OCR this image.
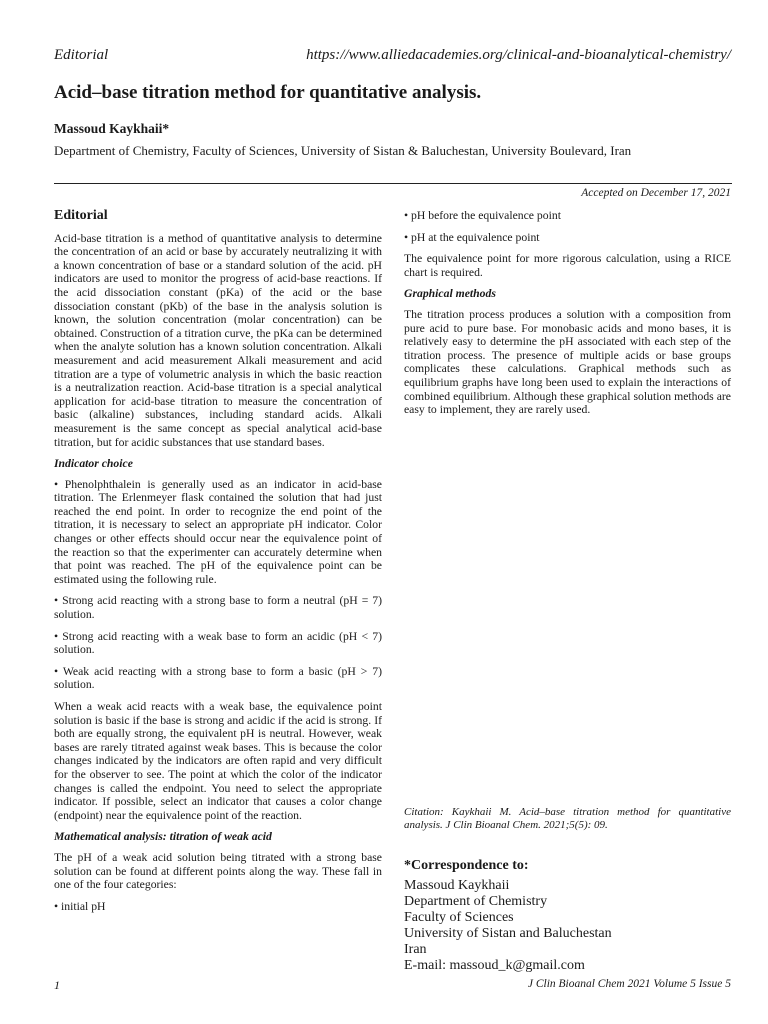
Editorial	https://www.alliedacademies.org/clinical-and-bioanalytical-chemistry/
Acid–base titration method for quantitative analysis.
Massoud Kaykhaii*
Department of Chemistry, Faculty of Sciences, University of Sistan & Baluchestan, University Boulevard, Iran
Accepted on December 17, 2021

Editorial

Acid-base titration is a method of quantitative analysis to determine the concentration of an acid or base by accurately neutralizing it with a known concentration of base or a standard solution of the acid. pH indicators are used to monitor the progress of acid-base reactions. If the acid dissociation constant (pKa) of the acid or the base dissociation constant (pKb) of the base in the analysis solution is known, the solution concentration (molar concentration) can be obtained. Construction of a titration curve, the pKa can be determined when the analyte solution has a known solution concentration. Alkali measurement and acid measurement Alkali measurement and acid titration are a type of volumetric analysis in which the basic reaction is a neutralization reaction. Acid-base titration is a special analytical application for acid-base titration to measure the concentration of basic (alkaline) substances, including standard acids. Alkali measurement is the same concept as special analytical acid-base titration, but for acidic substances that use standard bases.

Indicator choice

• Phenolphthalein is generally used as an indicator in acid-base titration. The Erlenmeyer flask contained the solution that had just reached the end point. In order to recognize the end point of the titration, it is necessary to select an appropriate pH indicator. Color changes or other effects should occur near the equivalence point of the reaction so that the experimenter can accurately determine when that point was reached. The pH of the equivalence point can be estimated using the following rule.

• Strong acid reacting with a strong base to form a neutral (pH = 7) solution.

• Strong acid reacting with a weak base to form an acidic (pH < 7) solution.

• Weak acid reacting with a strong base to form a basic (pH > 7) solution.

When a weak acid reacts with a weak base, the equivalence point solution is basic if the base is strong and acidic if the acid is strong. If both are equally strong, the equivalent pH is neutral. However, weak bases are rarely titrated against weak bases. This is because the color changes indicated by the indicators are often rapid and very difficult for the observer to see. The point at which the color of the indicator changes is called the endpoint. You need to select the appropriate indicator. If possible, select an indicator that causes a color change (endpoint) near the equivalence point of the reaction.

Mathematical analysis: titration of weak acid

The pH of a weak acid solution being titrated with a strong base solution can be found at different points along the way. These fall in one of the four categories:

• initial pH

• pH before the equivalence point

• pH at the equivalence point

The equivalence point for more rigorous calculation, using a RICE chart is required.

Graphical methods

The titration process produces a solution with a composition from pure acid to pure base. For monobasic acids and mono bases, it is relatively easy to determine the pH associated with each step of the titration process. The presence of multiple acids or base groups complicates these calculations. Graphical methods such as equilibrium graphs have long been used to explain the interactions of combined equilibrium. Although these graphical solution methods are easy to implement, they are rarely used.

Citation: Kaykhaii M. Acid–base titration method for quantitative analysis. J Clin Bioanal Chem. 2021;5(5): 09.
*Correspondence to:
Massoud Kaykhaii
Department of Chemistry
Faculty of Sciences
University of Sistan and Baluchestan
Iran
E-mail: massoud_k@gmail.com
1	J Clin Bioanal Chem 2021 Volume 5 Issue 5
